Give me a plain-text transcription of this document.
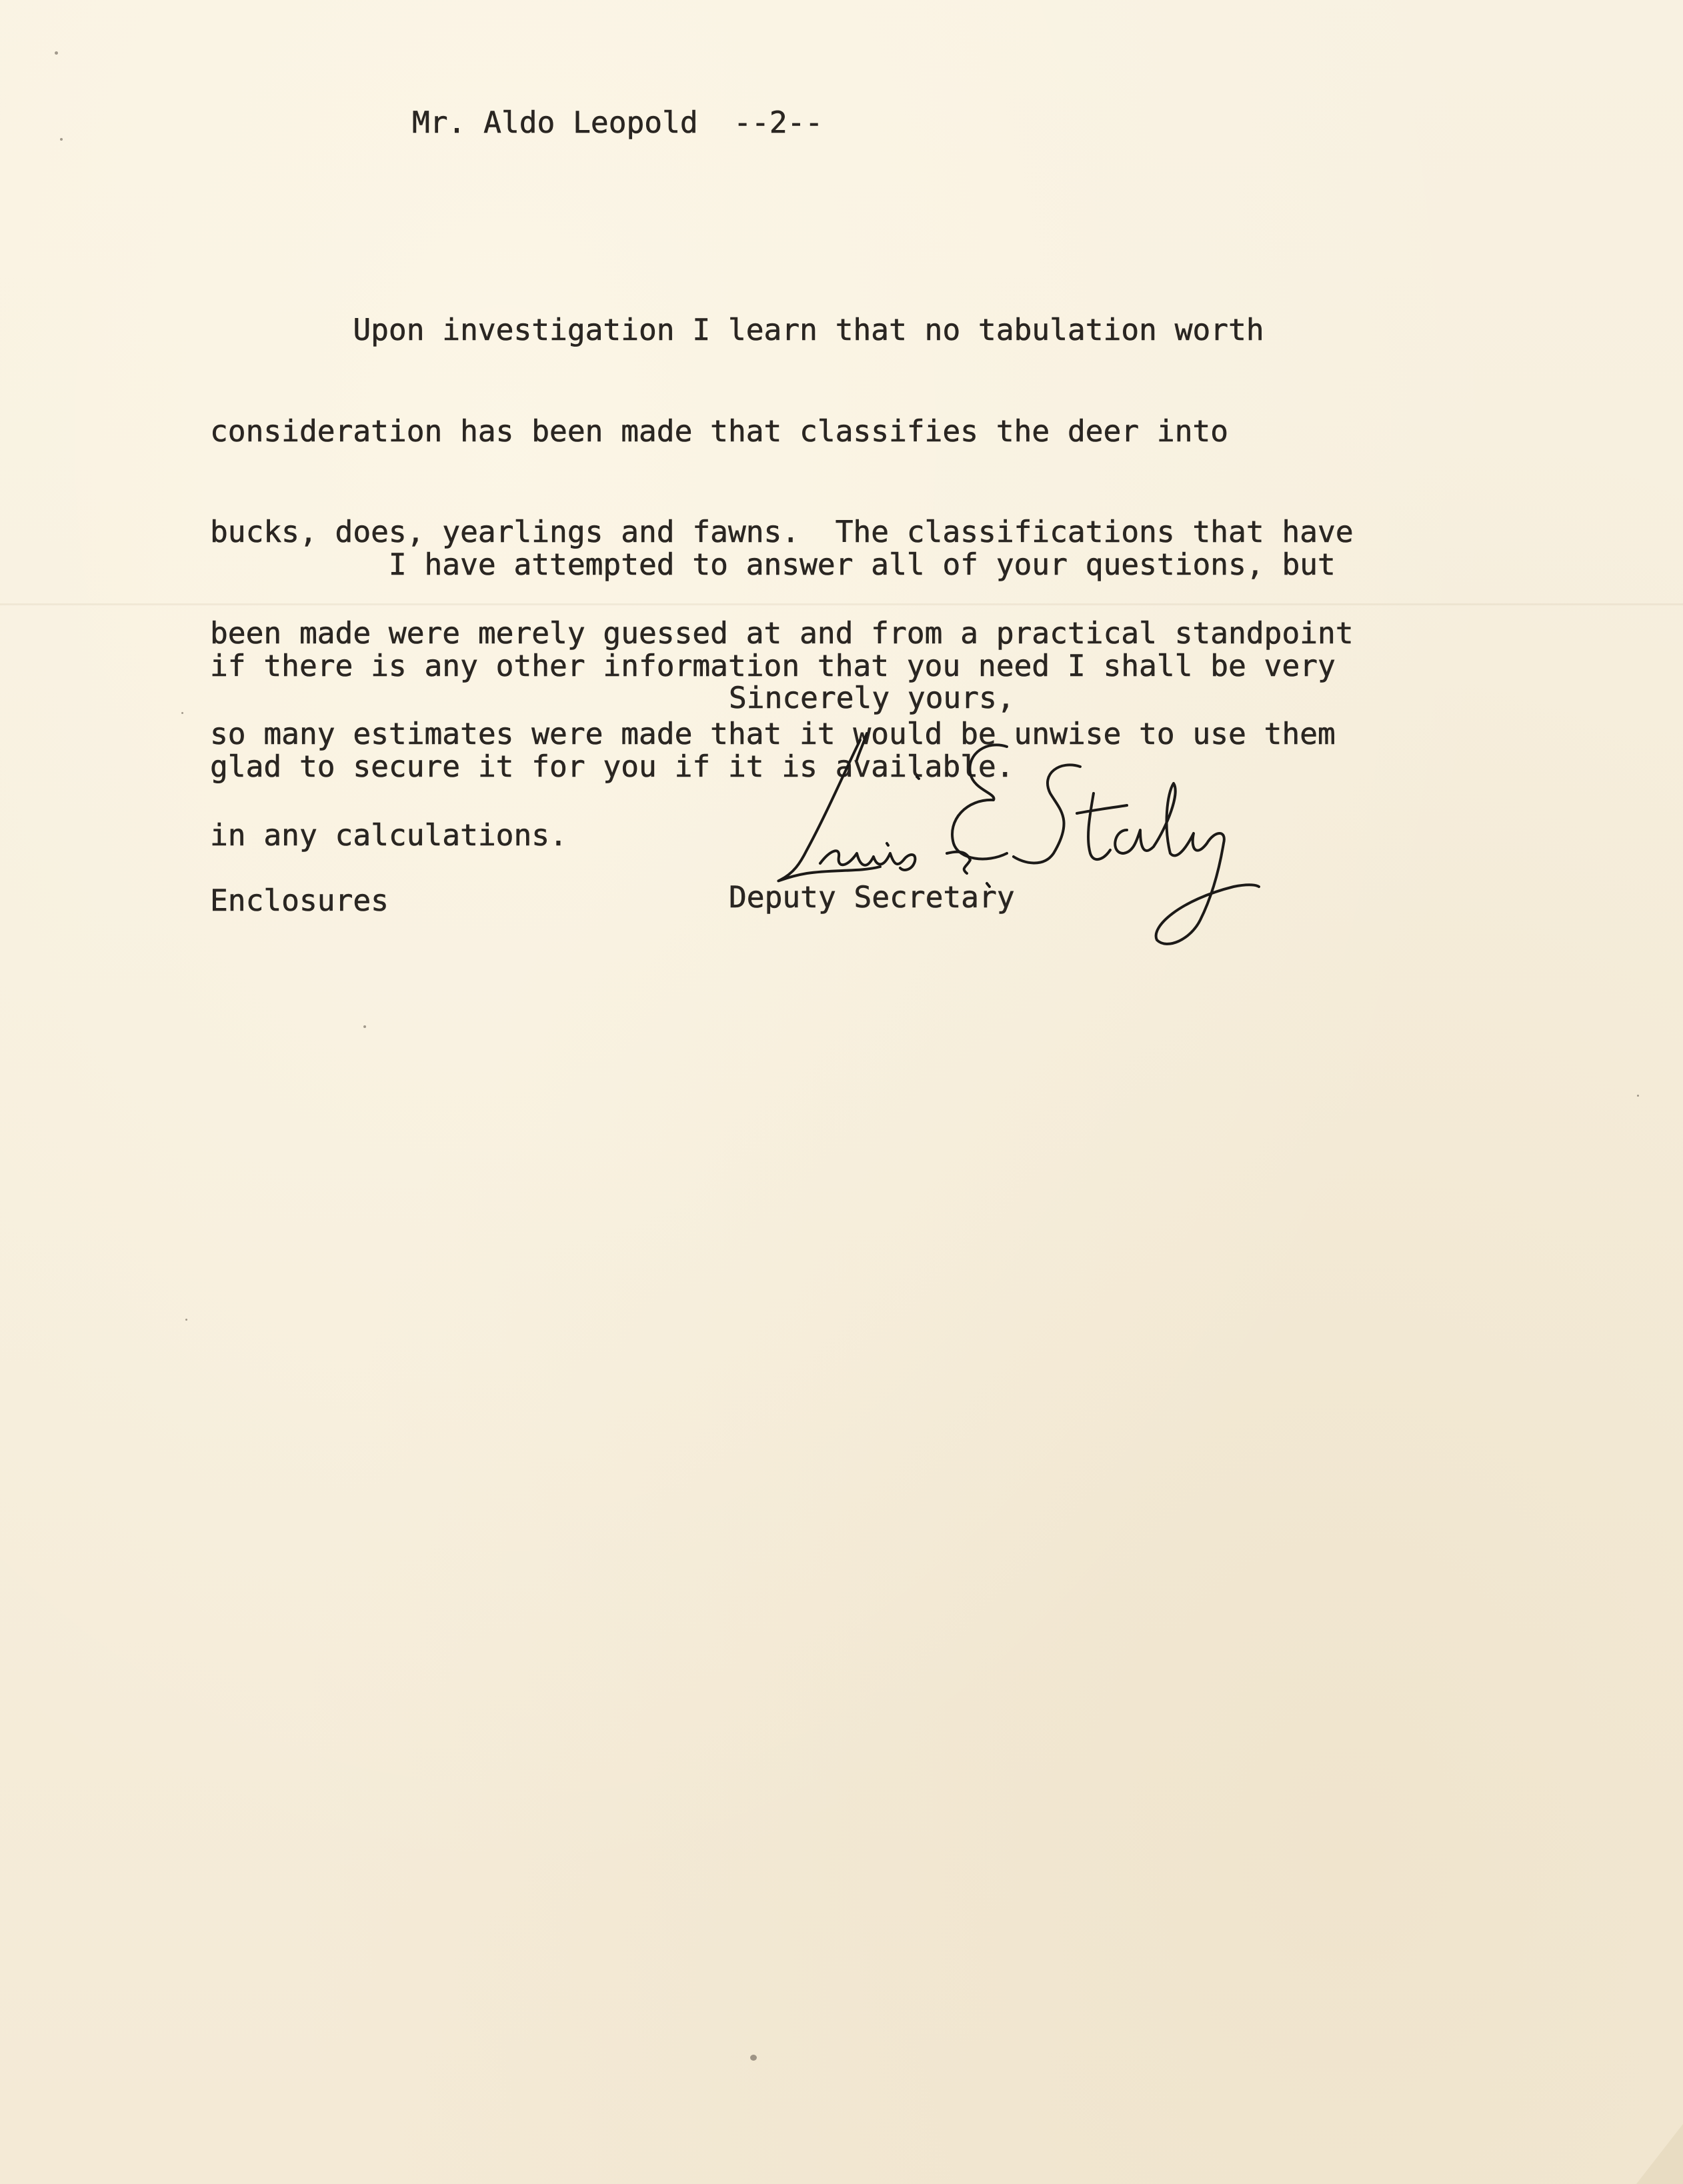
Mr. Aldo Leopold  --2--

Upon investigation I learn that no tabulation worth

consideration has been made that classifies the deer into

bucks, does, yearlings and fawns.  The classifications that have

been made were merely guessed at and from a practical standpoint

so many estimates were made that it would be unwise to use them

in any calculations.

I have attempted to answer all of your questions, but

if there is any other information that you need I shall be very

glad to secure it for you if it is available.

Sincerely yours,
Deputy Secretary
Enclosures
